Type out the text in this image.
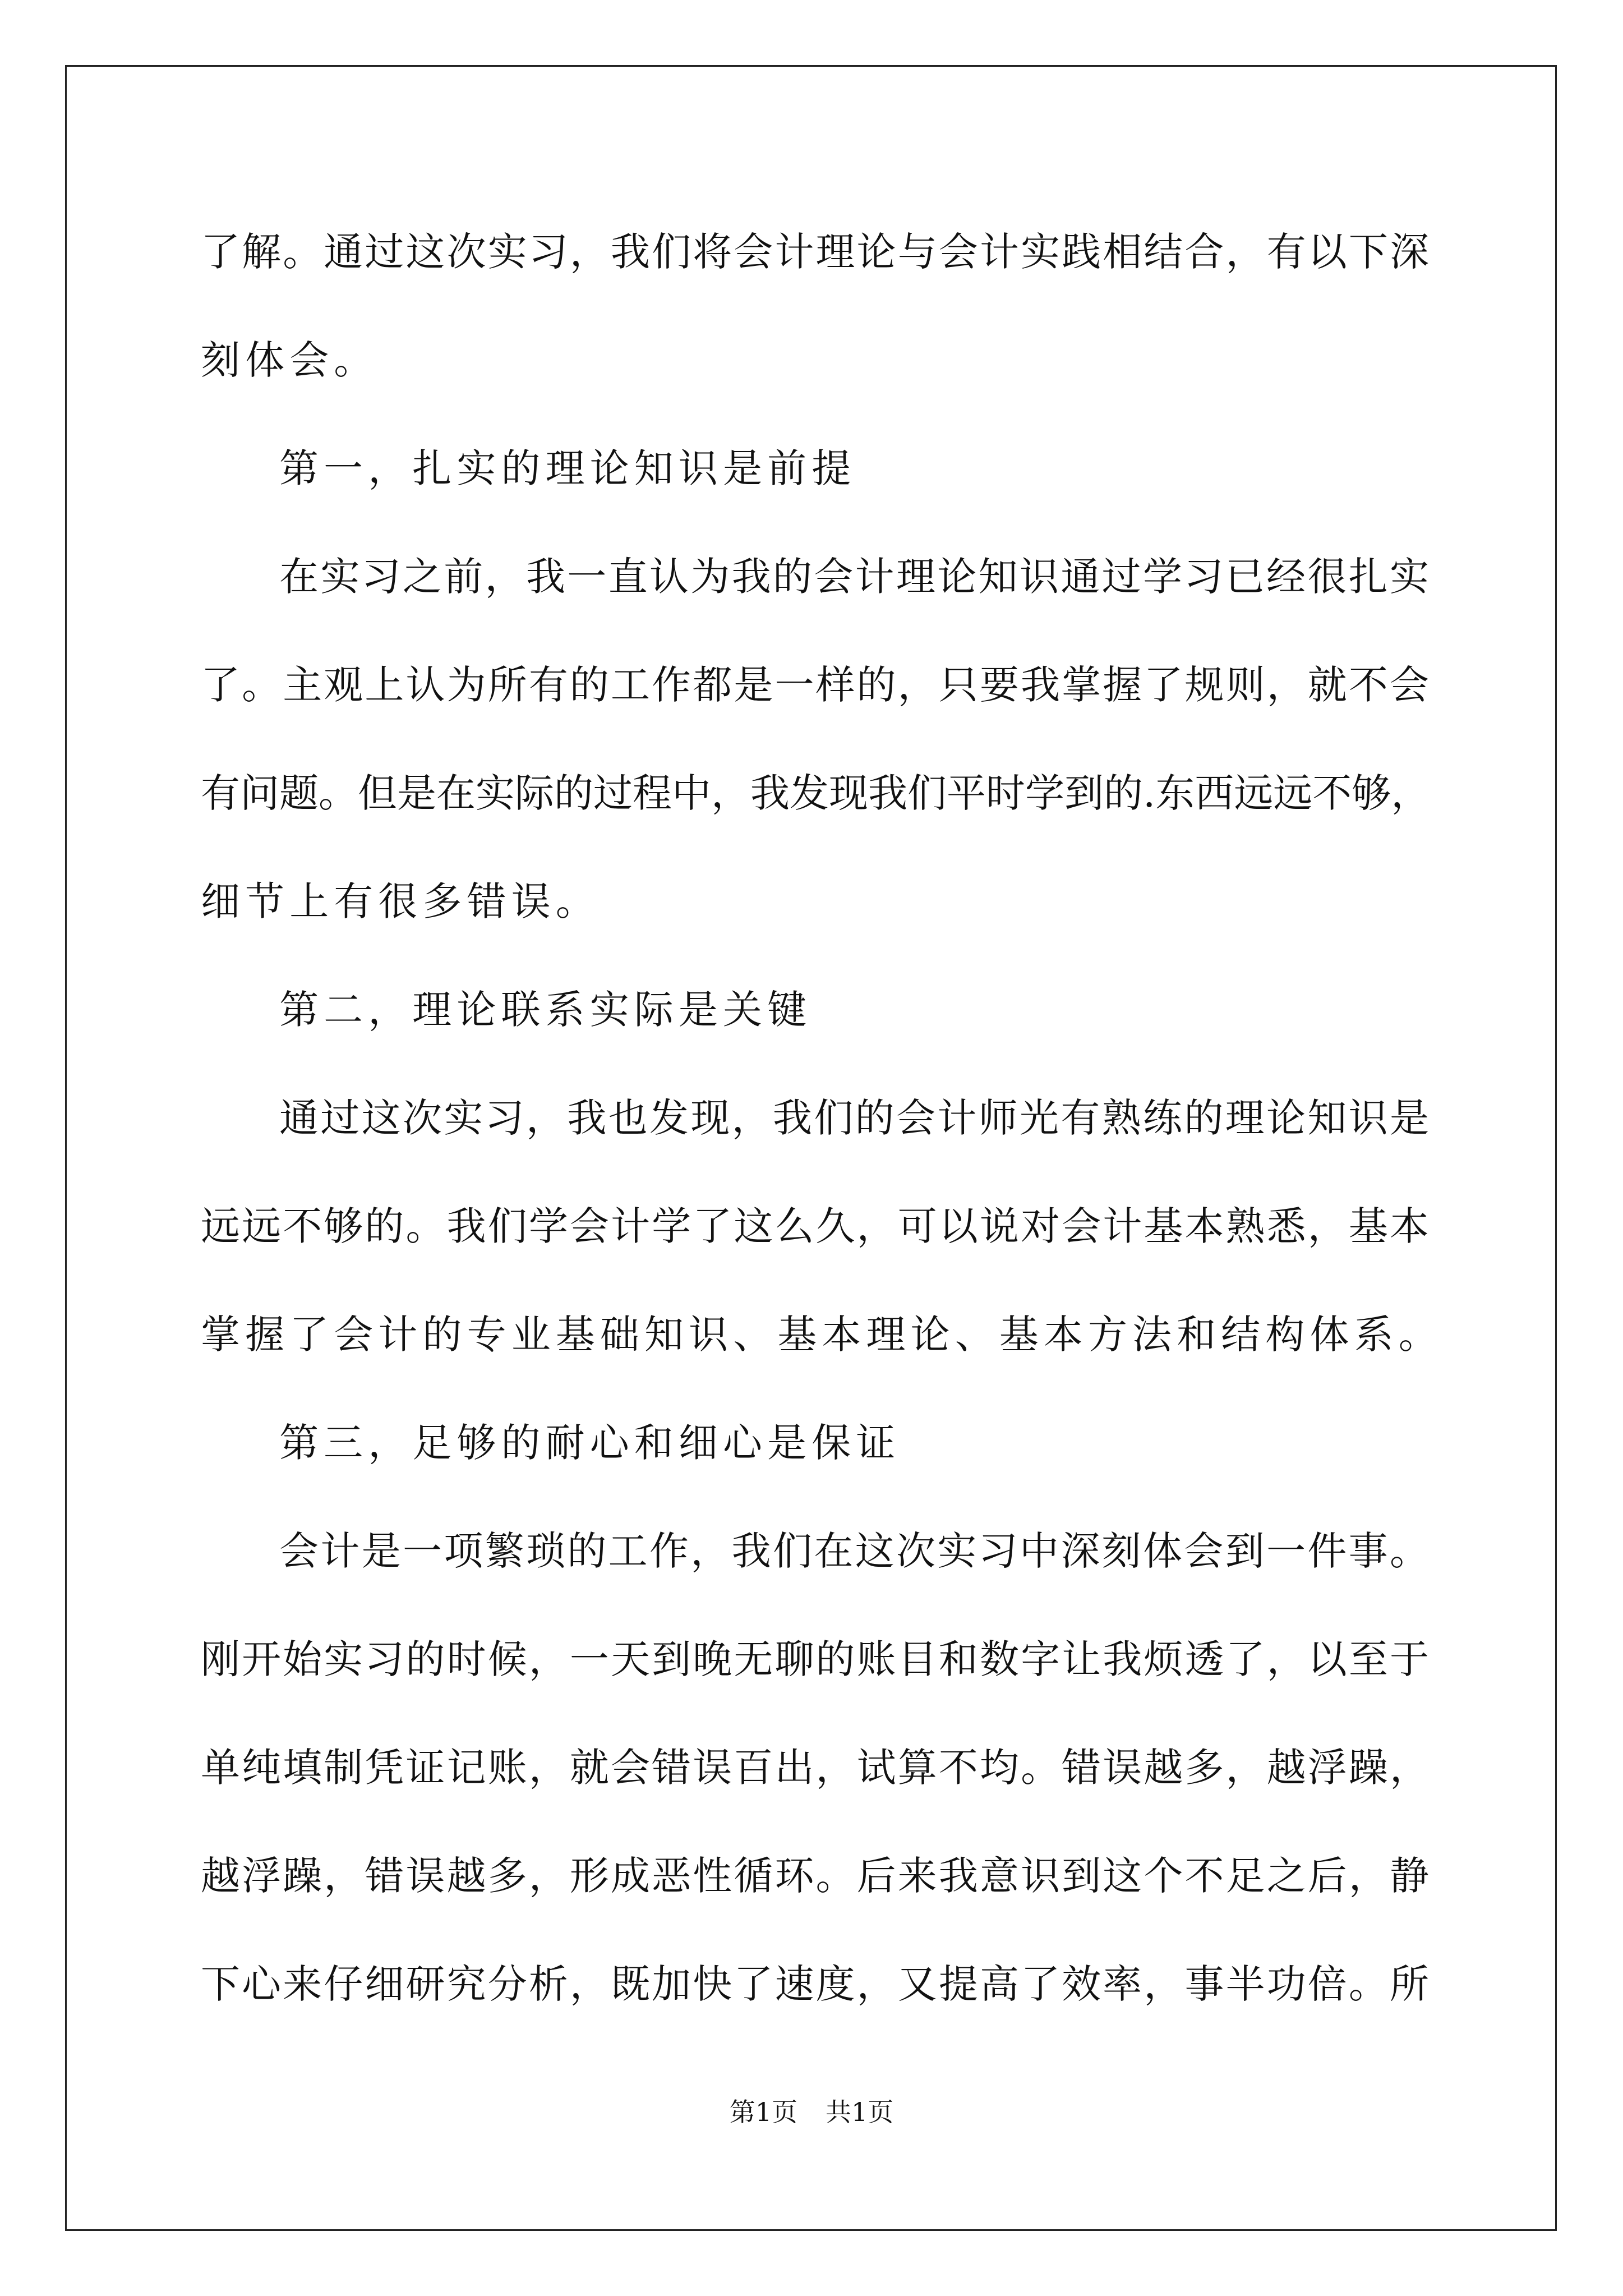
了解。通过这次实习，我们将会计理论与会计实践相结合，有以下深
刻体会。
第一，扎实的理论知识是前提
在实习之前，我一直认为我的会计理论知识通过学习已经很扎实
了。主观上认为所有的工作都是一样的，只要我掌握了规则，就不会
有问题。但是在实际的过程中，我发现我们平时学到的.东西远远不够，
细节上有很多错误。
第二，理论联系实际是关键
通过这次实习，我也发现，我们的会计师光有熟练的理论知识是
远远不够的。我们学会计学了这么久，可以说对会计基本熟悉，基本
掌握了会计的专业基础知识、基本理论、基本方法和结构体系。
第三，足够的耐心和细心是保证
会计是一项繁琐的工作，我们在这次实习中深刻体会到一件事。
刚开始实习的时候，一天到晚无聊的账目和数字让我烦透了，以至于
单纯填制凭证记账，就会错误百出，试算不均。错误越多，越浮躁，
越浮躁，错误越多，形成恶性循环。后来我意识到这个不足之后，静
下心来仔细研究分析，既加快了速度，又提高了效率，事半功倍。所
第1页 共1页
